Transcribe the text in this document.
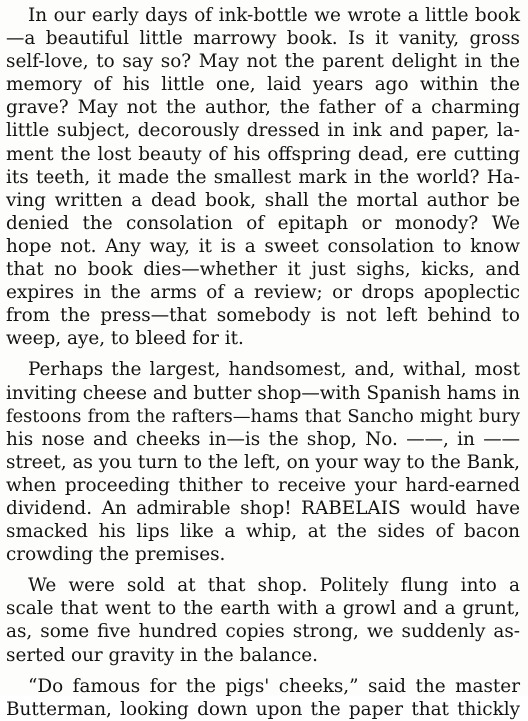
In our early days of ink-bottle we wrote a little book
—a beautiful little marrowy book. Is it vanity, gross
self-love, to say so? May not the parent delight in the
memory of his little one, laid years ago within the
grave? May not the author, the father of a charming
little subject, decorously dressed in ink and paper, la-
ment the lost beauty of his offspring dead, ere cutting
its teeth, it made the smallest mark in the world? Ha-
ving written a dead book, shall the mortal author be
denied the consolation of epitaph or monody? We
hope not. Any way, it is a sweet consolation to know
that no book dies—whether it just sighs, kicks, and
expires in the arms of a review; or drops apoplectic
from the press—that somebody is not left behind to
weep, aye, to bleed for it.
Perhaps the largest, handsomest, and, withal, most
inviting cheese and butter shop—with Spanish hams in
festoons from the rafters—hams that Sancho might bury
his nose and cheeks in—is the shop, No. ——, in ——
street, as you turn to the left, on your way to the Bank,
when proceeding thither to receive your hard-earned
dividend. An admirable shop! RABELAIS would have
smacked his lips like a whip, at the sides of bacon
crowding the premises.
We were sold at that shop. Politely flung into a
scale that went to the earth with a growl and a grunt,
as, some five hundred copies strong, we suddenly as-
serted our gravity in the balance.
“Do famous for the pigs' cheeks,” said the master
Butterman, looking down upon the paper that thickly
